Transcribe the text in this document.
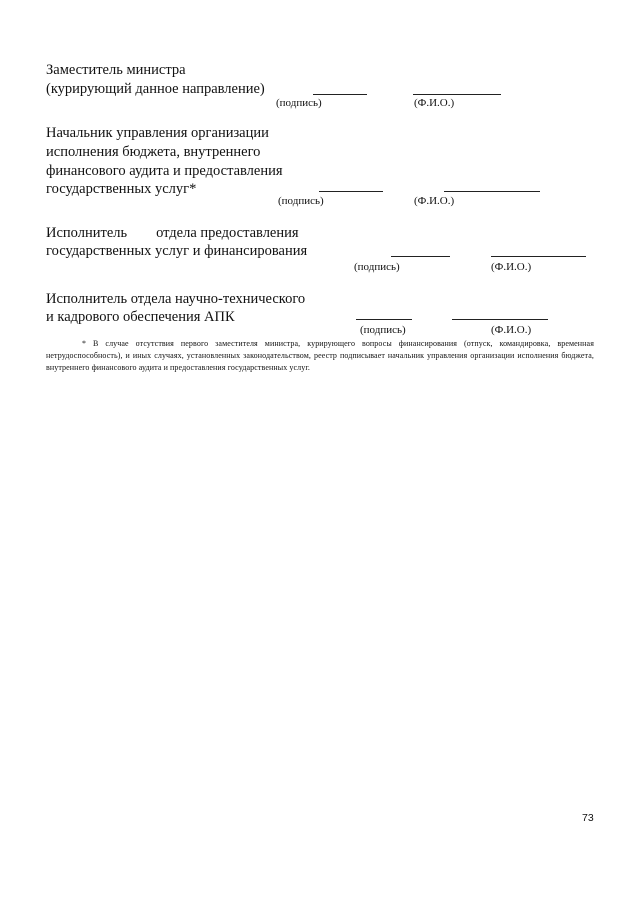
Заместитель министра
(курирующий данное направление)
(подпись)	(Ф.И.О.)
Начальник управления организации
исполнения бюджета, внутреннего
финансового аудита и предоставления
государственных услуг*
(подпись)	(Ф.И.О.)
Исполнитель        отдела предоставления
государственных услуг и финансирования
(подпись)	(Ф.И.О.)
Исполнитель отдела научно-технического
и кадрового обеспечения АПК
(подпись)	(Ф.И.О.)
* В случае отсутствия первого заместителя министра, курирующего вопросы финансирования (отпуск, командировка, временная нетрудоспособность), и иных случаях, установленных законодательством, реестр подписывает начальник управления организации исполнения бюджета, внутреннего финансового аудита и предоставления государственных услуг.
73
